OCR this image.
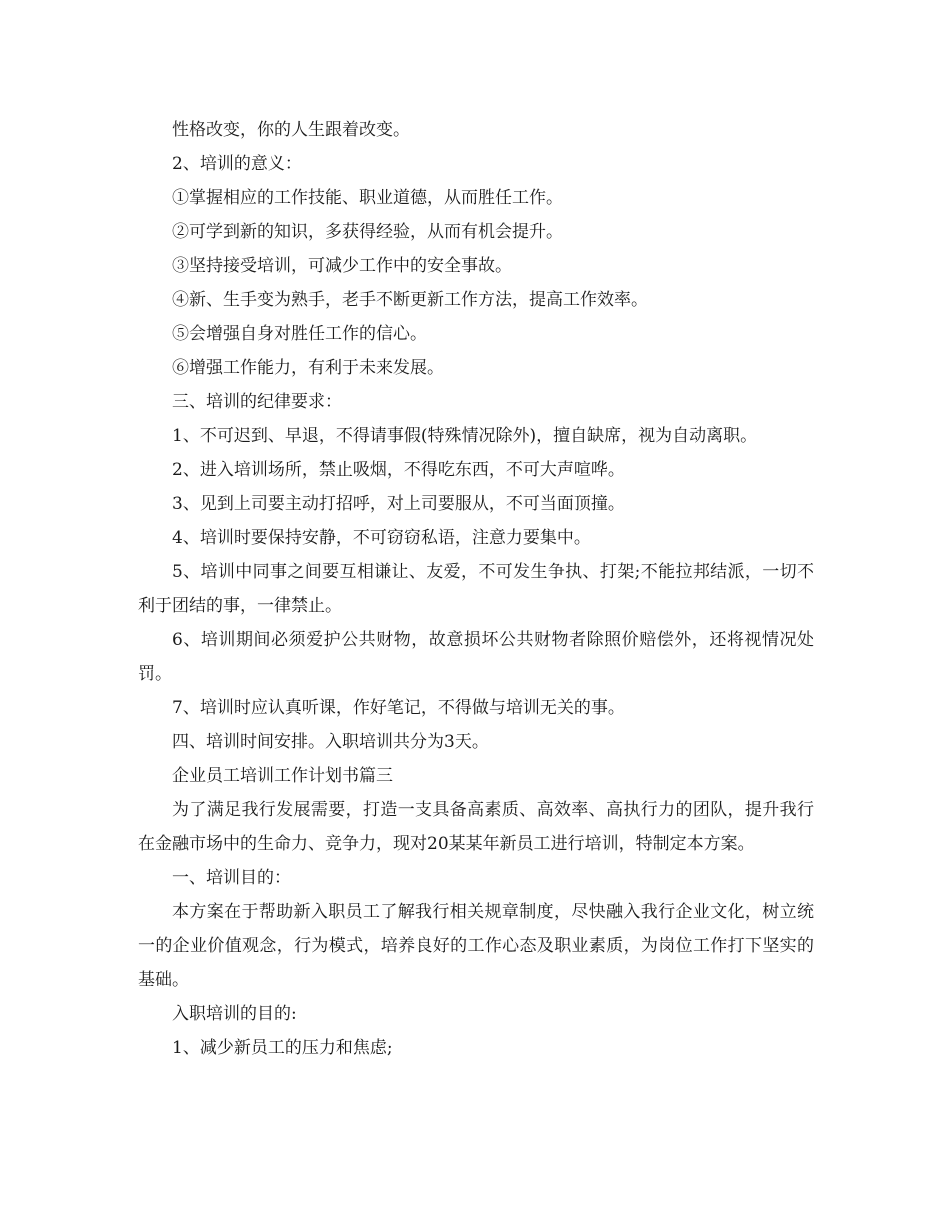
性格改变，你的人生跟着改变。

2、培训的意义：

①掌握相应的工作技能、职业道德，从而胜任工作。

②可学到新的知识，多获得经验，从而有机会提升。

③坚持接受培训，可减少工作中的安全事故。

④新、生手变为熟手，老手不断更新工作方法，提高工作效率。

⑤会增强自身对胜任工作的信心。

⑥增强工作能力，有利于未来发展。

三、培训的纪律要求：

1、不可迟到、早退，不得请事假(特殊情况除外)，擅自缺席，视为自动离职。

2、进入培训场所，禁止吸烟，不得吃东西，不可大声喧哗。

3、见到上司要主动打招呼，对上司要服从，不可当面顶撞。

4、培训时要保持安静，不可窃窃私语，注意力要集中。

5、培训中同事之间要互相谦让、友爱，不可发生争执、打架;不能拉邦结派，一切不利于团结的事，一律禁止。

6、培训期间必须爱护公共财物，故意损坏公共财物者除照价赔偿外，还将视情况处罚。

7、培训时应认真听课，作好笔记，不得做与培训无关的事。

四、培训时间安排。入职培训共分为3天。

企业员工培训工作计划书篇三

为了满足我行发展需要，打造一支具备高素质、高效率、高执行力的团队，提升我行在金融市场中的生命力、竞争力，现对20某某年新员工进行培训，特制定本方案。

一、培训目的：

本方案在于帮助新入职员工了解我行相关规章制度，尽快融入我行企业文化，树立统一的企业价值观念，行为模式，培养良好的工作心态及职业素质，为岗位工作打下坚实的基础。

入职培训的目的:

1、减少新员工的压力和焦虑;
